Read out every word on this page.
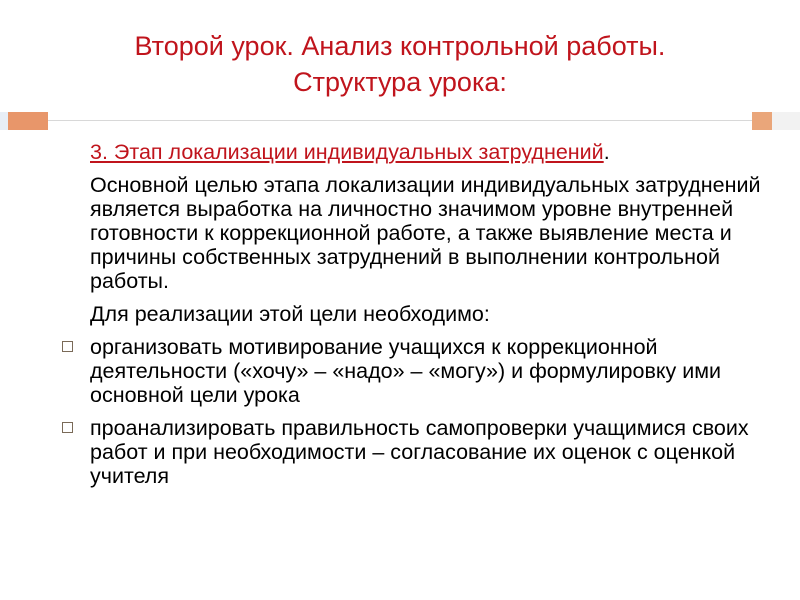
Второй урок. Анализ контрольной работы.
Структура урока:

3. Этап локализации индивидуальных затруднений.

Основной целью этапа локализации индивидуальных затруднений является выработка на личностно значимом уровне внутренней готовности к коррекционной работе, а также выявление места и причины собственных затруднений в выполнении контрольной работы.

Для реализации этой цели необходимо:

организовать мотивирование учащихся к коррекционной деятельности («хочу» – «надо» – «могу») и формулировку ими основной цели урока
проанализировать правильность самопроверки учащимися своих работ и при необходимости – согласование их оценок с оценкой учителя
